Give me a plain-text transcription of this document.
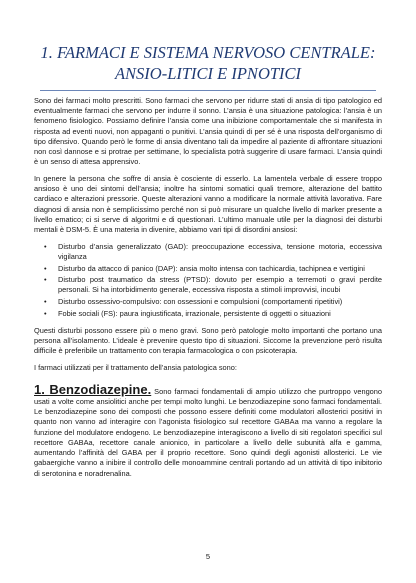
1. FARMACI E SISTEMA NERVOSO CENTRALE: ANSIO-LITICI E IPNOTICI

Sono dei farmaci molto prescritti. Sono farmaci che servono per ridurre stati di ansia di tipo patologico ed eventualmente farmaci che servono per indurre il sonno. L’ansia è una situazione patologica: l’ansia è un fenomeno fisiologico. Possiamo definire l’ansia come una inibizione comportamentale che si manifesta in risposta ad eventi nuovi, non appaganti o punitivi. L’ansia quindi di per sé è una risposta dell’organismo di tipo difensivo. Quando però le forme di ansia diventano tali da impedire al paziente di affrontare situazioni non così dannose e si protrae per settimane, lo specialista potrà suggerire di usare farmaci. L’ansia quindi è un senso di attesa apprensivo.

In genere la persona che soffre di ansia è cosciente di esserlo. La lamentela verbale di essere troppo ansioso è uno dei sintomi dell’ansia; inoltre ha sintomi somatici quali tremore, alterazione del battito cardiaco e alterazioni pressorie. Queste alterazioni vanno a modificare la normale attività lavorativa. Fare diagnosi di ansia non è semplicissimo perché non si può misurare un qualche livello di marker presente a livello ematico; ci si serve di algoritmi e di questionari. L’ultimo manuale utile per la diagnosi dei disturbi mentali è DSM-5. È una materia in divenire, abbiamo vari tipi di disordini ansiosi:

• Disturbo d’ansia generalizzato (GAD): preoccupazione eccessiva, tensione motoria, eccessiva vigilanza
• Disturbo da attacco di panico (DAP): ansia molto intensa con tachicardia, tachipnea e vertigini
• Disturbo post traumatico da stress (PTSD): dovuto per esempio a terremoti o gravi perdite personali. Si ha intorbidimento generale, eccessiva risposta a stimoli improvvisi, incubi
• Disturbo ossessivo-compulsivo: con ossessioni e compulsioni (comportamenti ripetitivi)
• Fobie sociali (FS): paura ingiustificata, irrazionale, persistente di oggetti o situazioni

Questi disturbi possono essere più o meno gravi. Sono però patologie molto importanti che portano una persona all’isolamento. L’ideale è prevenire questo tipo di situazioni. Siccome la prevenzione però risulta difficile è preferibile un trattamento con terapia farmacologica o con psicoterapia.

I farmaci utilizzati per il trattamento dell’ansia patologica sono:

1. Benzodiazepine. Sono farmaci fondamentali di ampio utilizzo che purtroppo vengono usati a volte come ansiolitici anche per tempi molto lunghi. Le benzodiazepine sono farmaci fondamentali. Le benzodiazepine sono dei composti che possono essere definiti come modulatori allosterici positivi in quanto non vanno ad interagire con l’agonista fisiologico sul recettore GABAa ma vanno a regolare la funzione del modulatore endogeno. Le benzodiazepine interagiscono a livello di siti regolatori specifici sul recettore GABAa, recettore canale anionico, in particolare a livello delle subunità alfa e gamma, aumentando l’affinità del GABA per il proprio recettore. Sono quindi degli agonisti allosterici. Le vie gabaergiche vanno a inibire il controllo delle monoammine centrali portando ad un attività di tipo inibitorio di serotonina e noradrenalina.

5
